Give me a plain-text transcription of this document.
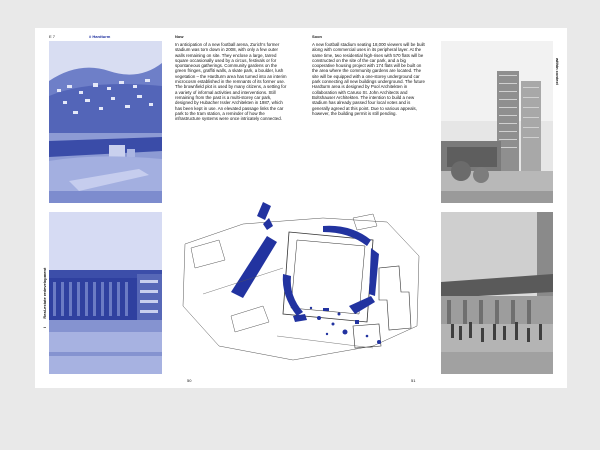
E 7	# Hardturm	Now	Soon
In anticipation of a new football arena, Zurich's former stadium was torn down in 2008, with only a few outer walls remaining on site. They enclose a large, tarred square occasionally used by a circus, festivals or for spontaneous gatherings. Community gardens on the green fringes, graffiti walls, a skate park, a boulder, lush vegetation – the Hardturm area has turned into an interim microcosm established in the remnants of its former use. The brownfield plot is used by many citizens, a setting for a variety of informal activities and interventions. Still remaining from the past is a multi-storey car park, designed by Hubacher Issler Architekten in 1987, which has been kept in use. An elevated passage links the car park to the tram station, a reminder of how the infrastructure systems were once intricately connected.
A new football stadium seating 18,000 viewers will be built along with commercial uses in its peripheral layer. At the same time, two residential high-rises with 570 flats will be constructed on the site of the car park, and a big cooperative housing project with 174 flats will be built on the area where the community gardens are located. The site will be equipped with a one-storey underground car park connecting all new buildings underground. The future Hardturm area is designed by Pool Architekten in collaboration with Caruso St. John Architects and Boltshauser Architekten. The intention to build a new stadium has already passed four local votes and is generally agreed at this point. Due to various appeals, however, the building permit is still pending.
I  Real-estate redevelopment
within context
50	51
